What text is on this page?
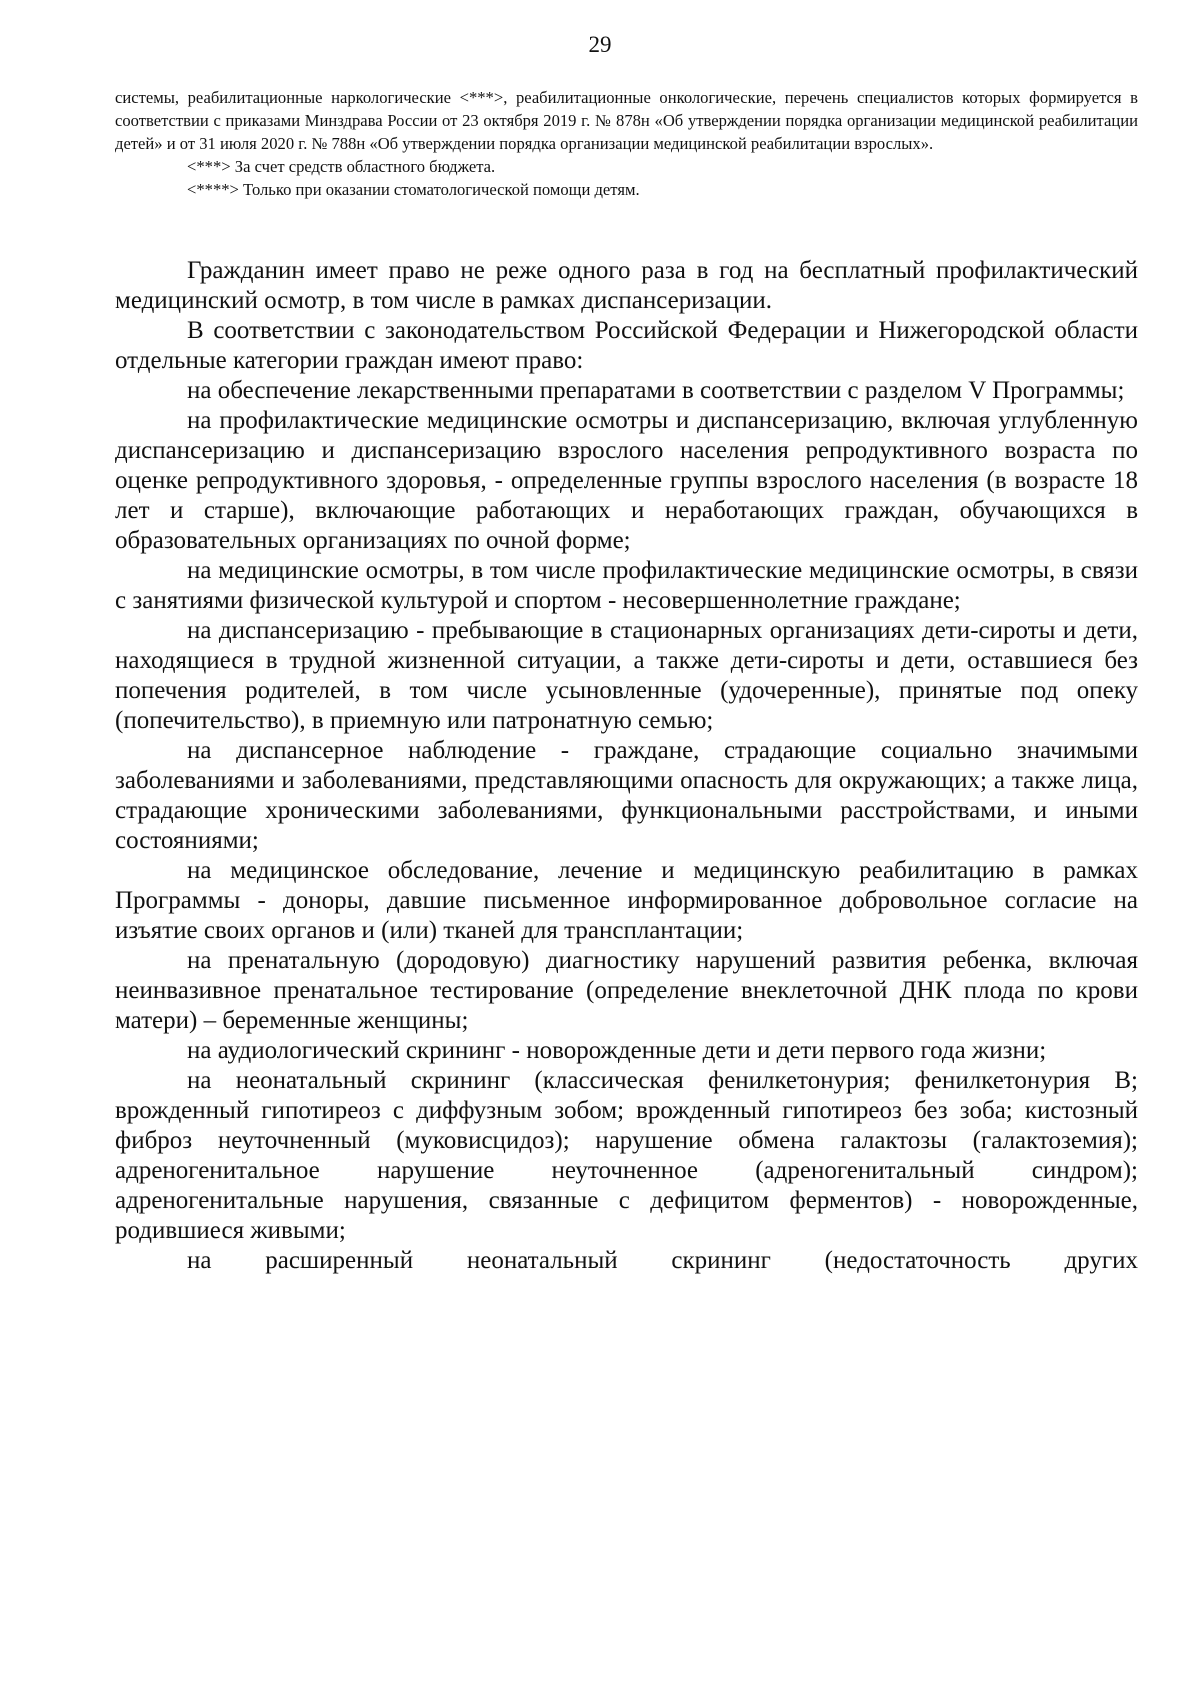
29

системы, реабилитационные наркологические <***>, реабилитационные онкологические, перечень специалистов которых формируется в соответствии с приказами Минздрава России от 23 октября 2019 г. № 878н «Об утверждении порядка организации медицинской реабилитации детей» и от 31 июля 2020 г. № 788н «Об утверждении порядка организации медицинской реабилитации взрослых».

<***> За счет средств областного бюджета.

<****> Только при оказании стоматологической помощи детям.

Гражданин имеет право не реже одного раза в год на бесплатный профилактический медицинский осмотр, в том числе в рамках диспансеризации.

В соответствии с законодательством Российской Федерации и Нижегородской области отдельные категории граждан имеют право:

на обеспечение лекарственными препаратами в соответствии с разделом V Программы;

на профилактические медицинские осмотры и диспансеризацию, включая углубленную диспансеризацию и диспансеризацию взрослого населения репродуктивного возраста по оценке репродуктивного здоровья, - определенные группы взрослого населения (в возрасте 18 лет и старше), включающие работающих и неработающих граждан, обучающихся в образовательных организациях по очной форме;

на медицинские осмотры, в том числе профилактические медицинские осмотры, в связи с занятиями физической культурой и спортом - несовершеннолетние граждане;

на диспансеризацию - пребывающие в стационарных организациях дети-сироты и дети, находящиеся в трудной жизненной ситуации, а также дети-сироты и дети, оставшиеся без попечения родителей, в том числе усыновленные (удочеренные), принятые под опеку (попечительство), в приемную или патронатную семью;

на диспансерное наблюдение - граждане, страдающие социально значимыми заболеваниями и заболеваниями, представляющими опасность для окружающих; а также лица, страдающие хроническими заболеваниями, функциональными расстройствами, и иными состояниями;

на медицинское обследование, лечение и медицинскую реабилитацию в рамках Программы - доноры, давшие письменное информированное добровольное согласие на изъятие своих органов и (или) тканей для трансплантации;

на пренатальную (дородовую) диагностику нарушений развития ребенка, включая неинвазивное пренатальное тестирование (определение внеклеточной ДНК плода по крови матери) – беременные женщины;

на аудиологический скрининг - новорожденные дети и дети первого года жизни;

на неонатальный скрининг (классическая фенилкетонурия; фенилкетонурия В; врожденный гипотиреоз с диффузным зобом; врожденный гипотиреоз без зоба; кистозный фиброз неуточненный (муковисцидоз); нарушение обмена галактозы (галактоземия); адреногенитальное нарушение неуточненное (адреногенитальный синдром); адреногенитальные нарушения, связанные с дефицитом ферментов) - новорожденные, родившиеся живыми;

на расширенный неонатальный скрининг (недостаточность других
